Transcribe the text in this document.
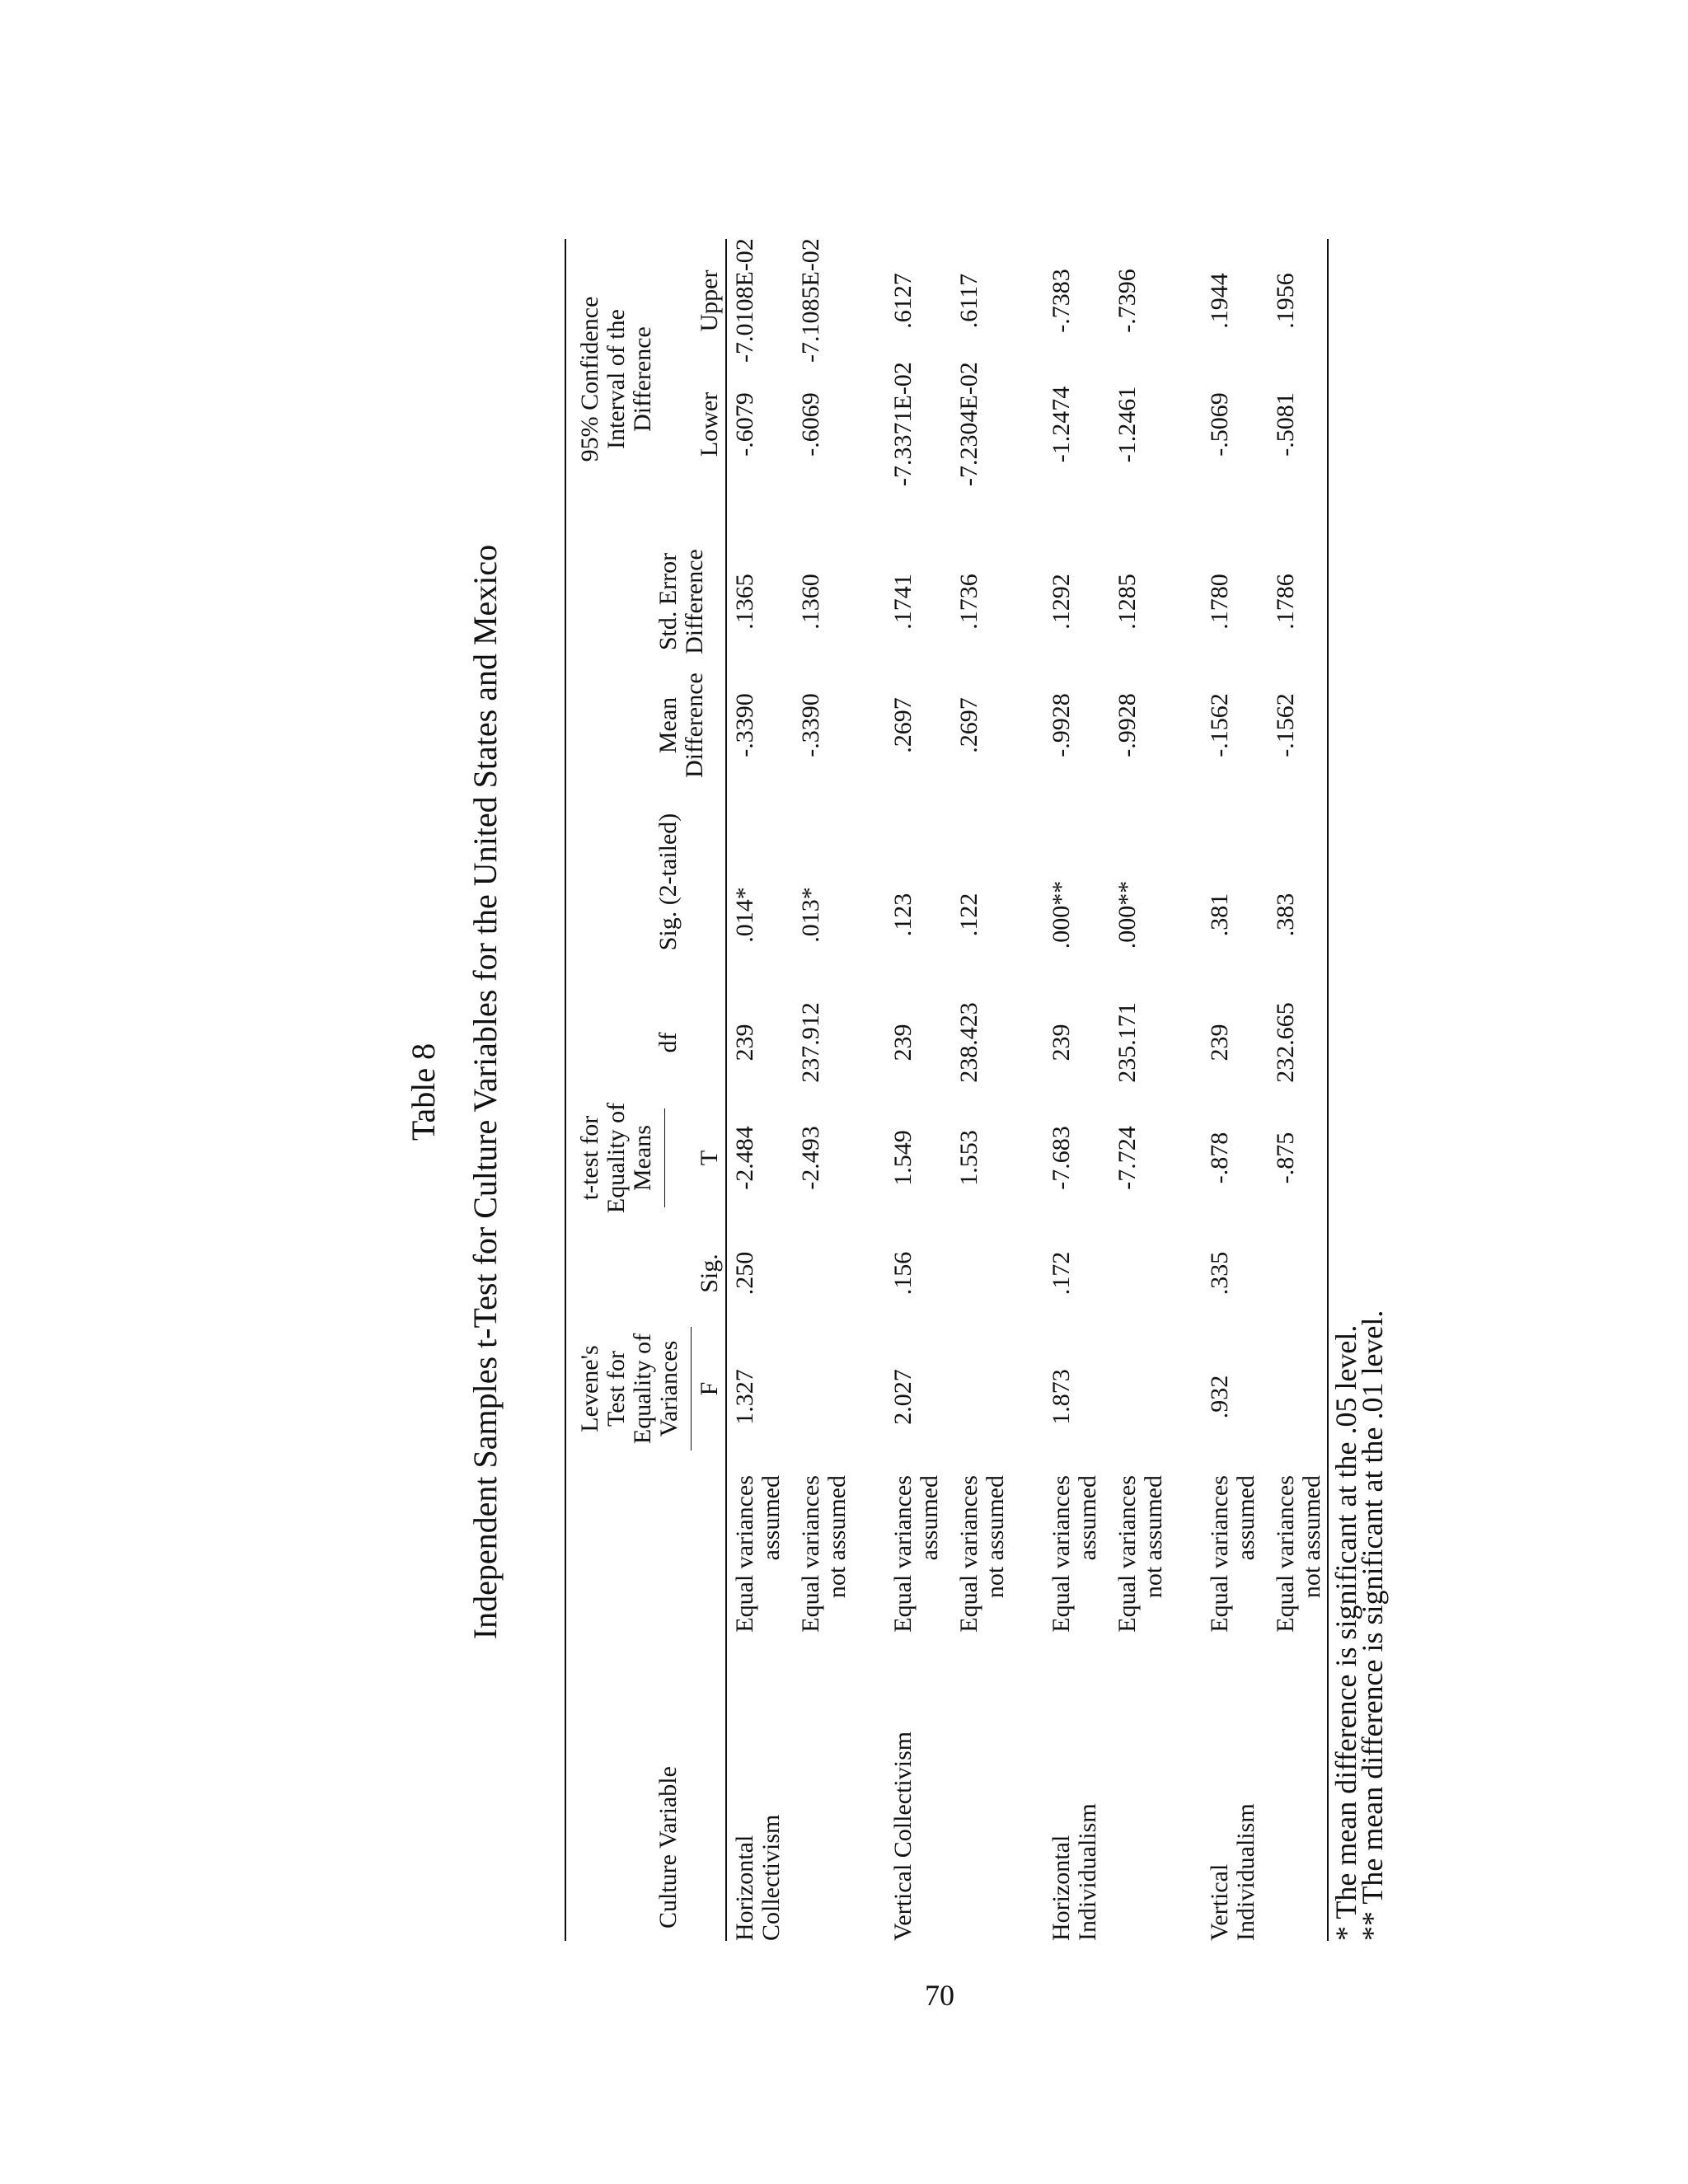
Table 8 Independent Samples t-Test for Culture Variables for the United States and Mexico	Levene's Test for Equality of Variances
t-test for Equality of Means
95% Confidence Interval of the Difference
Culture Variable
F
Sig.
T
df
Sig. (2-tailed)
Mean Difference
Std. Error Difference
Lower
Upper
Horizontal Collectivism
Equal variances assumed
1.327
.250
-2.484
239
.014*
-.3390
.1365
-.6079
-7.0108E-02
Equal variances not assumed
-2.493
237.912
.013*
-.3390
.1360
-.6069
-7.1085E-02
Vertical Collectivism
Equal variances assumed
2.027
.156
1.549
239
.123
.2697
.1741
-7.3371E-02
.6127
Equal variances not assumed
1.553
238.423
.122
.2697
.1736
-7.2304E-02
.6117
Horizontal Individualism
Equal variances assumed
1.873
.172
-7.683
239
.000**
-.9928
.1292
-1.2474
-.7383
Equal variances not assumed
-7.724
235.171
.000**
-.9928
.1285
-1.2461
-.7396
Vertical Individualism
Equal variances assumed
.932
.335
-.878
239
.381
-.1562
.1780
-.5069
.1944
Equal variances not assumed
-.875
232.665
.383
-.1562
.1786
-.5081
.1956
* The mean difference is significant at the .05 level.
** The mean difference is significant at the .01 level.
70
